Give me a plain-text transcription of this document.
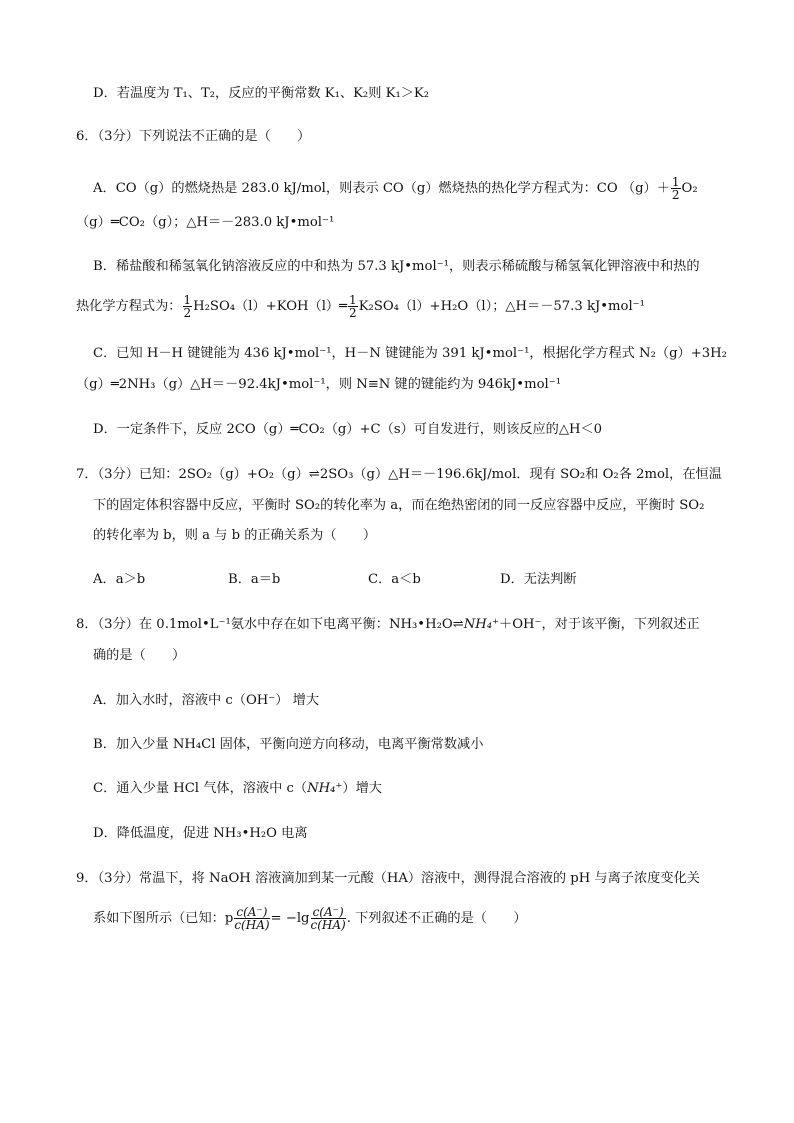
D．若温度为 T₁、T₂，反应的平衡常数 K₁、K₂则 K₁＞K₂
6．（3分）下列说法不正确的是（　　）
A．CO（g）的燃烧热是 283.0 kJ/mol，则表示 CO（g）燃烧热的热化学方程式为：CO $(g)+ \frac{1}{2} O_2$
（g）═CO₂（g）；△H＝－283.0 kJ•mol⁻¹
B．稀盐酸和稀氢氧化钠溶液反应的中和热为 57.3 kJ•mol⁻¹，则表示稀硫酸与稀氢氧化钾溶液中和热的
热化学方程式为： $\frac{1}{2}$ H₂SO₄（l）+KOH（l）═ $\frac{1}{2} K_2SO_4(l)+H_2O(l)$；△H＝－57.3 kJ•mol⁻¹
C．已知 H－H 键键能为 436 kJ•mol⁻¹，H－N 键键能为 391 kJ•mol⁻¹，根据化学方程式 N₂（g）+3H₂
（g）═2NH₃（g）△H＝－92.4kJ•mol⁻¹，则 N≡N 键的键能约为 946kJ•mol⁻¹
D．一定条件下，反应 2CO（g）═CO₂（g）+C（s）可自发进行，则该反应的△H＜0
7．（3分）已知：2SO₂（g）+O₂（g）⇌2SO₃（g）△H＝－196.6kJ/mol．现有 SO₂和 O₂各 2mol，在恒温
下的固定体积容器中反应，平衡时 SO₂的转化率为 a，而在绝热密闭的同一反应容器中反应，平衡时 SO₂
的转化率为 b，则 a 与 b 的正确关系为（　　）
A．a＞b	B．a＝b	C．a＜b	D．无法判断
8．（3分）在 0.1mol•L⁻¹氨水中存在如下电离平衡：NH₃•H₂O⇌NH₄⁺＋OH⁻，对于该平衡，下列叙述正
确的是（　　）
A．加入水时，溶液中 c（OH⁻） 增大
B．加入少量 NH₄Cl 固体，平衡向逆方向移动，电离平衡常数减小
C．通入少量 HCl 气体，溶液中 c（NH₄⁺）增大
D．降低温度，促进 NH₃•H₂O 电离
9．（3分）常温下，将 NaOH 溶液滴加到某一元酸（HA）溶液中，测得混合溶液的 pH 与离子浓度变化关
系如下图所示（已知：p $\frac{c(A^-)}{c(HA)} = -\lg \frac{c(A^-)}{c(HA)}$ . 下列叙述不正确的是（　　）
